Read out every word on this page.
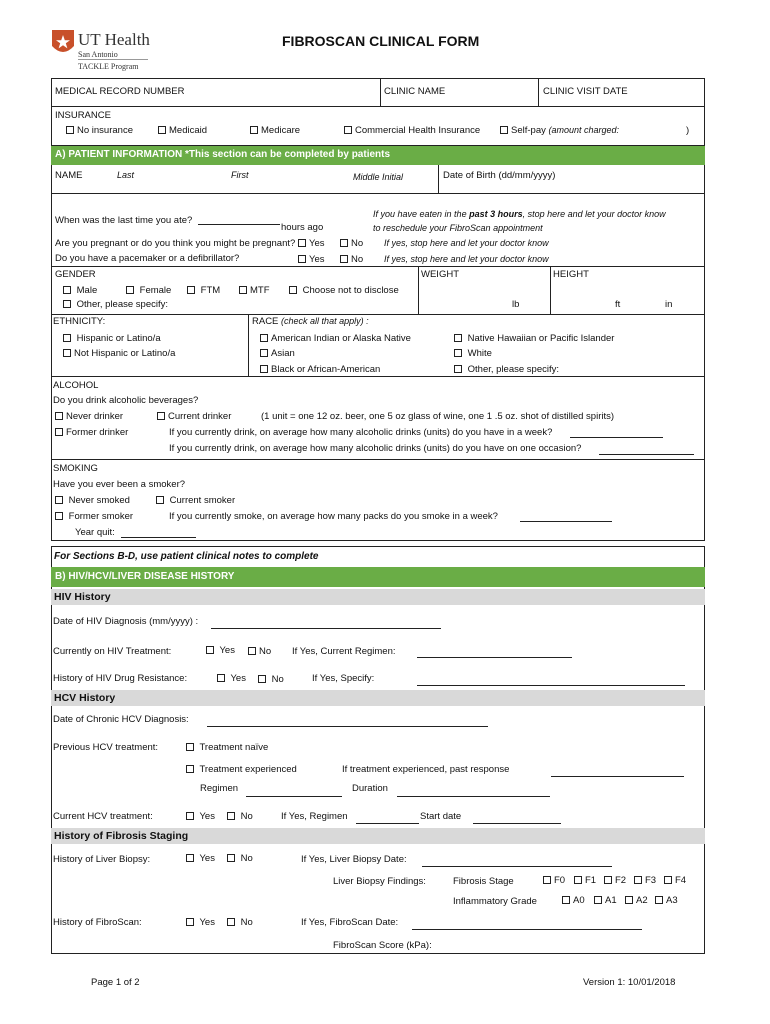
UT Health
San Antonio
TACKLE Program
FIBROSCAN CLINICAL FORM
MEDICAL RECORD NUMBER	CLINIC NAME	CLINIC VISIT DATE
INSURANCE
No insurance	Medicaid	Medicare	Commercial Health Insurance	Self-pay (amount charged:	)
A) PATIENT INFORMATION *This section can be completed by patients
NAME	Last	First	Middle Initial	Date of Birth (dd/mm/yyyy)
When was the last time you ate?
hours ago
If you have eaten in the past 3 hours, stop here and let your doctor know
to reschedule your FibroScan appointment
Are you pregnant or do you think you might be pregnant?	Yes	No If yes, stop here and let your doctor know
Do you have a pacemaker or a defibrillator?	Yes	No If yes, stop here and let your doctor know
GENDER
Male	Female	FTM	MTF	Choose not to disclose
Other, please specify:
WEIGHT	HEIGHT
lb	ft	in
ETHNICITY:
Hispanic or Latino/a
Not Hispanic or Latino/a
RACE (check all that apply) :
American Indian or Alaska Native
Asian
Black or African-American
Native Hawaiian or Pacific Islander
White
Other, please specify:
ALCOHOL
Do you drink alcoholic beverages?
Never drinker	Current drinker	(1 unit = one 12 oz. beer, one 5 oz glass of wine, one 1 .5 oz. shot of distilled spirits)
Former drinker	If you currently drink, on average how many alcoholic drinks (units) do you have in a week?
If you currently drink, on average how many alcoholic drinks (units) do you have on one occasion?
SMOKING
Have you ever been a smoker?
Never smoked	Current smoker
Former smoker	If you currently smoke, on average how many packs do you smoke in a week?
Year quit:
For Sections B-D, use patient clinical notes to complete
B) HIV/HCV/LIVER DISEASE HISTORY
HIV History
Date of HIV Diagnosis (mm/yyyy) :
Currently on HIV Treatment:	Yes	No If Yes, Current Regimen:
History of HIV Drug Resistance:	Yes	No	If Yes, Specify:
HCV History
Date of Chronic HCV Diagnosis:
Previous HCV treatment:	Treatment naïve
Treatment experienced	If treatment experienced, past response
Regimen	Duration
Current HCV treatment:	Yes	No	If Yes, Regimen	Start date
History of Fibrosis Staging
History of Liver Biopsy:	Yes	No	If Yes, Liver Biopsy Date:
Liver Biopsy Findings:	Fibrosis Stage	F0	F1	F2	F3	F4
Inflammatory Grade	A0	A1	A2	A3
History of FibroScan:	Yes	No	If Yes, FibroScan Date:
FibroScan Score (kPa):
Page 1 of 2	Version 1: 10/01/2018
